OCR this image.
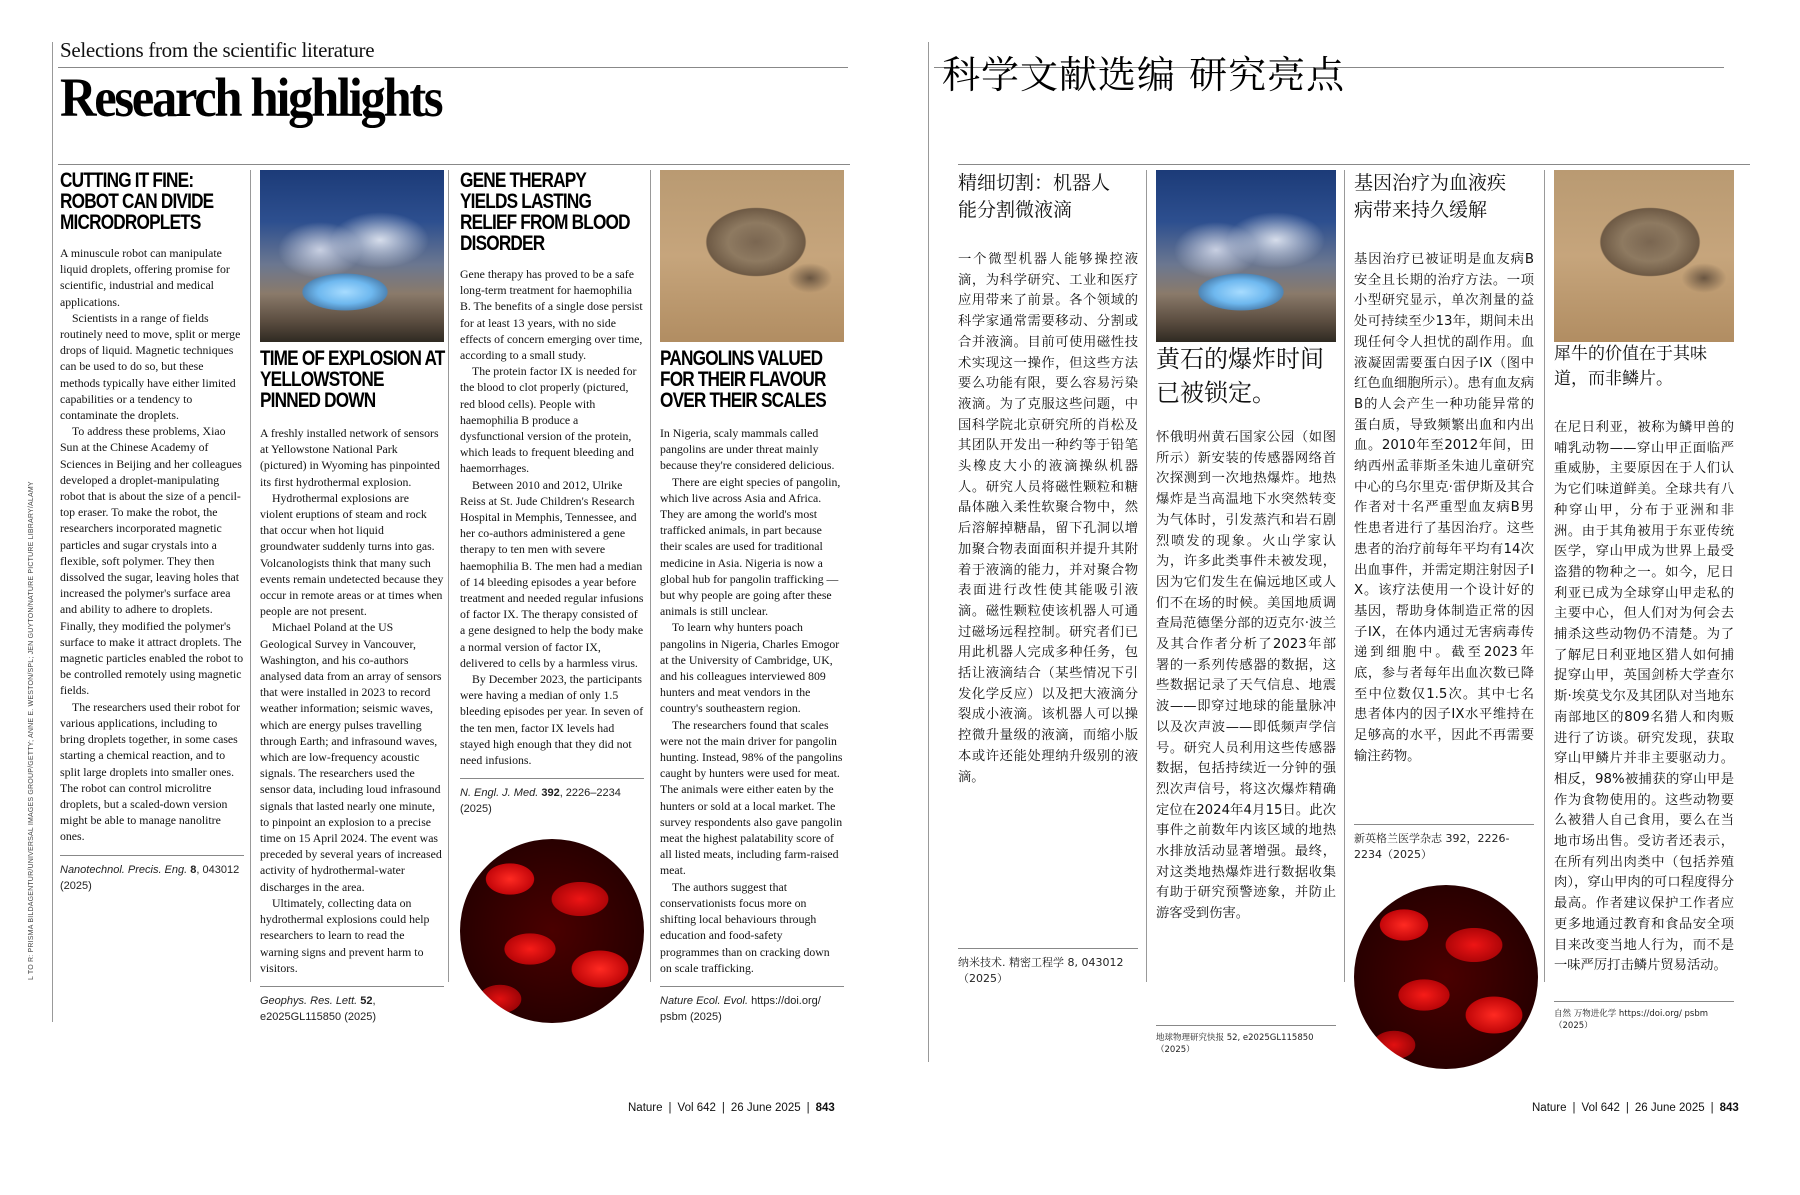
L TO R: PRISMA BILDAGENTUR/UNIVERSAL IMAGES GROUP/GETTY; ANNE E. WESTON/SPL; JEN GUYTON/NATURE PICTURE LIBRARY/ALAMY
Selections from the scientific literature
Research highlights
CUTTING IT FINE: ROBOT CAN DIVIDE MICRODROPLETS

A minuscule robot can manipulate liquid droplets, offering promise for scientific, industrial and medical applications.

Scientists in a range of fields routinely need to move, split or merge drops of liquid. Magnetic techniques can be used to do so, but these methods typically have either limited capabilities or a tendency to contaminate the droplets.

To address these problems, Xiao Sun at the Chinese Academy of Sciences in Beijing and her colleagues developed a droplet-manipulating robot that is about the size of a pencil-top eraser. To make the robot, the researchers incorporated magnetic particles and sugar crystals into a flexible, soft polymer. They then dissolved the sugar, leaving holes that increased the polymer's surface area and ability to adhere to droplets. Finally, they modified the polymer's surface to make it attract droplets. The magnetic particles enabled the robot to be controlled remotely using magnetic fields.

The researchers used their robot for various applications, including to bring droplets together, in some cases starting a chemical reaction, and to split large droplets into smaller ones. The robot can control microlitre droplets, but a scaled-down version might be able to manage nanolitre ones.

Nanotechnol. Precis. Eng. 8, 043012 (2025)
TIME OF EXPLOSION AT YELLOWSTONE PINNED DOWN

A freshly installed network of sensors at Yellowstone National Park (pictured) in Wyoming has pinpointed its first hydrothermal explosion.

Hydrothermal explosions are violent eruptions of steam and rock that occur when hot liquid groundwater suddenly turns into gas. Volcanologists think that many such events remain undetected because they occur in remote areas or at times when people are not present.

Michael Poland at the US Geological Survey in Vancouver, Washington, and his co-authors analysed data from an array of sensors that were installed in 2023 to record weather information; seismic waves, which are energy pulses travelling through Earth; and infrasound waves, which are low-frequency acoustic signals. The researchers used the sensor data, including loud infrasound signals that lasted nearly one minute, to pinpoint an explosion to a precise time on 15 April 2024. The event was preceded by several years of increased activity of hydrothermal-water discharges in the area.

Ultimately, collecting data on hydrothermal explosions could help researchers to learn to read the warning signs and prevent harm to visitors.

Geophys. Res. Lett. 52, e2025GL115850 (2025)
GENE THERAPY YIELDS LASTING RELIEF FROM BLOOD DISORDER

Gene therapy has proved to be a safe long-term treatment for haemophilia B. The benefits of a single dose persist for at least 13 years, with no side effects of concern emerging over time, according to a small study.

The protein factor IX is needed for the blood to clot properly (pictured, red blood cells). People with haemophilia B produce a dysfunctional version of the protein, which leads to frequent bleeding and haemorrhages.

Between 2010 and 2012, Ulrike Reiss at St. Jude Children's Research Hospital in Memphis, Tennessee, and her co-authors administered a gene therapy to ten men with severe haemophilia B. The men had a median of 14 bleeding episodes a year before treatment and needed regular infusions of factor IX. The therapy consisted of a gene designed to help the body make a normal version of factor IX, delivered to cells by a harmless virus.

By December 2023, the participants were having a median of only 1.5 bleeding episodes per year. In seven of the ten men, factor IX levels had stayed high enough that they did not need infusions.

N. Engl. J. Med. 392, 2226–2234 (2025)
PANGOLINS VALUED FOR THEIR FLAVOUR OVER THEIR SCALES

In Nigeria, scaly mammals called pangolins are under threat mainly because they're considered delicious.

There are eight species of pangolin, which live across Asia and Africa. They are among the world's most trafficked animals, in part because their scales are used for traditional medicine in Asia. Nigeria is now a global hub for pangolin trafficking — but why people are going after these animals is still unclear.

To learn why hunters poach pangolins in Nigeria, Charles Emogor at the University of Cambridge, UK, and his colleagues interviewed 809 hunters and meat vendors in the country's southeastern region.

The researchers found that scales were not the main driver for pangolin hunting. Instead, 98% of the pangolins caught by hunters were used for meat. The animals were either eaten by the hunters or sold at a local market. The survey respondents also gave pangolin meat the highest palatability score of all listed meats, including farm-raised meat.

The authors suggest that conservationists focus more on shifting local behaviours through education and food-safety programmes than on cracking down on scale trafficking.

Nature Ecol. Evol. https://doi.org/ psbm (2025)
Nature | Vol 642 | 26 June 2025 | 843
科学文献选编 研究亮点
精细切割：机器人能分割微液滴
一个微型机器人能够操控液滴，为科学研究、工业和医疗应用带来了前景。各个领域的科学家通常需要移动、分割或合并液滴。目前可使用磁性技术实现这一操作，但这些方法要么功能有限，要么容易污染液滴。为了克服这些问题，中国科学院北京研究所的肖松及其团队开发出一种约等于铅笔头橡皮大小的液滴操纵机器人。研究人员将磁性颗粒和糖晶体融入柔性软聚合物中，然后溶解掉糖晶，留下孔洞以增加聚合物表面面积并提升其附着于液滴的能力，并对聚合物表面进行改性使其能吸引液滴。磁性颗粒使该机器人可通过磁场远程控制。研究者们已用此机器人完成多种任务，包括让液滴结合（某些情况下引发化学反应）以及把大液滴分裂成小液滴。该机器人可以操控微升量级的液滴，而缩小版本或许还能处理纳升级别的液滴。
纳米技术. 精密工程学 8, 043012（2025）
黄石的爆炸时间已被锁定。
怀俄明州黄石国家公园（如图所示）新安装的传感器网络首次探测到一次地热爆炸。地热爆炸是当高温地下水突然转变为气体时，引发蒸汽和岩石剧烈喷发的现象。火山学家认为，许多此类事件未被发现，因为它们发生在偏远地区或人们不在场的时候。美国地质调查局范德堡分部的迈克尔·波兰及其合作者分析了2023年部署的一系列传感器的数据，这些数据记录了天气信息、地震波——即穿过地球的能量脉冲以及次声波——即低频声学信号。研究人员利用这些传感器数据，包括持续近一分钟的强烈次声信号，将这次爆炸精确定位在2024年4月15日。此次事件之前数年内该区域的地热水排放活动显著增强。最终，对这类地热爆炸进行数据收集有助于研究预警迹象，并防止游客受到伤害。
地球物理研究快报 52, e2025GL115850（2025）
基因治疗为血液疾病带来持久缓解
基因治疗已被证明是血友病B安全且长期的治疗方法。一项小型研究显示，单次剂量的益处可持续至少13年，期间未出现任何令人担忧的副作用。血液凝固需要蛋白因子IX（图中红色血细胞所示）。患有血友病B的人会产生一种功能异常的蛋白质，导致频繁出血和内出血。2010年至2012年间，田纳西州孟菲斯圣朱迪儿童研究中心的乌尔里克·雷伊斯及其合作者对十名严重型血友病B男性患者进行了基因治疗。这些患者的治疗前每年平均有14次出血事件，并需定期注射因子IX。该疗法使用一个设计好的基因，帮助身体制造正常的因子IX，在体内通过无害病毒传递到细胞中。截至2023年底，参与者每年出血次数已降至中位数仅1.5次。其中七名患者体内的因子IX水平维持在足够高的水平，因此不再需要输注药物。
新英格兰医学杂志 392，2226-2234（2025）
犀牛的价值在于其味道，而非鳞片。
在尼日利亚，被称为鳞甲兽的哺乳动物——穿山甲正面临严重威胁，主要原因在于人们认为它们味道鲜美。全球共有八种穿山甲，分布于亚洲和非洲。由于其角被用于东亚传统医学，穿山甲成为世界上最受盗猎的物种之一。如今，尼日利亚已成为全球穿山甲走私的主要中心，但人们对为何会去捕杀这些动物仍不清楚。为了了解尼日利亚地区猎人如何捕捉穿山甲，英国剑桥大学查尔斯·埃莫戈尔及其团队对当地东南部地区的809名猎人和肉贩进行了访谈。研究发现，获取穿山甲鳞片并非主要驱动力。相反，98%被捕获的穿山甲是作为食物使用的。这些动物要么被猎人自己食用，要么在当地市场出售。受访者还表示，在所有列出肉类中（包括养殖肉），穿山甲肉的可口程度得分最高。作者建议保护工作者应更多地通过教育和食品安全项目来改变当地人行为，而不是一味严厉打击鳞片贸易活动。
自然 万物进化学 https://doi.org/ psbm（2025）
Nature | Vol 642 | 26 June 2025 | 843
